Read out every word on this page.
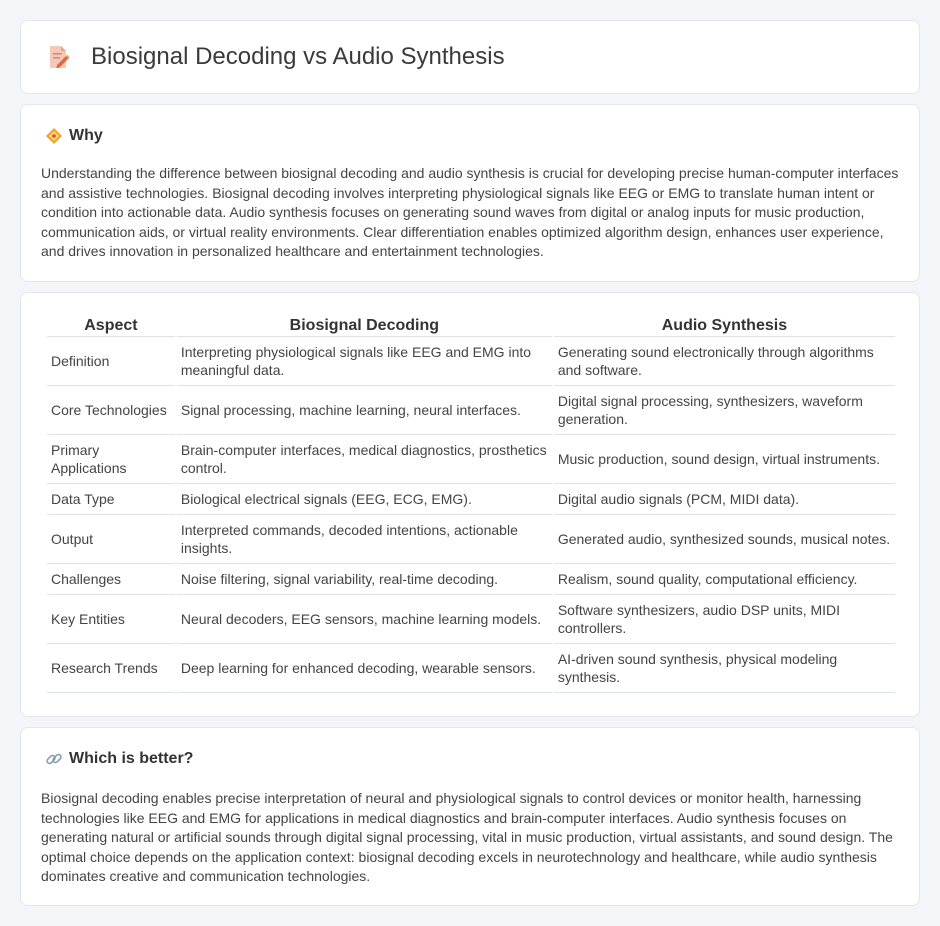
Biosignal Decoding vs Audio Synthesis
Why

Understanding the difference between biosignal decoding and audio synthesis is crucial for developing precise human-computer interfaces and assistive technologies. Biosignal decoding involves interpreting physiological signals like EEG or EMG to translate human intent or condition into actionable data. Audio synthesis focuses on generating sound waves from digital or analog inputs for music production, communication aids, or virtual reality environments. Clear differentiation enables optimized algorithm design, enhances user experience, and drives innovation in personalized healthcare and entertainment technologies.

Aspect	Biosignal Decoding	Audio Synthesis
Definition	Interpreting physiological signals like EEG and EMG into meaningful data.	Generating sound electronically through algorithms and software.
Core Technologies	Signal processing, machine learning, neural interfaces.	Digital signal processing, synthesizers, waveform generation.
Primary Applications	Brain-computer interfaces, medical diagnostics, prosthetics control.	Music production, sound design, virtual instruments.
Data Type	Biological electrical signals (EEG, ECG, EMG).	Digital audio signals (PCM, MIDI data).
Output	Interpreted commands, decoded intentions, actionable insights.	Generated audio, synthesized sounds, musical notes.
Challenges	Noise filtering, signal variability, real-time decoding.	Realism, sound quality, computational efficiency.
Key Entities	Neural decoders, EEG sensors, machine learning models.	Software synthesizers, audio DSP units, MIDI controllers.
Research Trends	Deep learning for enhanced decoding, wearable sensors.	AI-driven sound synthesis, physical modeling synthesis.
Which is better?

Biosignal decoding enables precise interpretation of neural and physiological signals to control devices or monitor health, harnessing technologies like EEG and EMG for applications in medical diagnostics and brain-computer interfaces. Audio synthesis focuses on generating natural or artificial sounds through digital signal processing, vital in music production, virtual assistants, and sound design. The optimal choice depends on the application context: biosignal decoding excels in neurotechnology and healthcare, while audio synthesis dominates creative and communication technologies.
